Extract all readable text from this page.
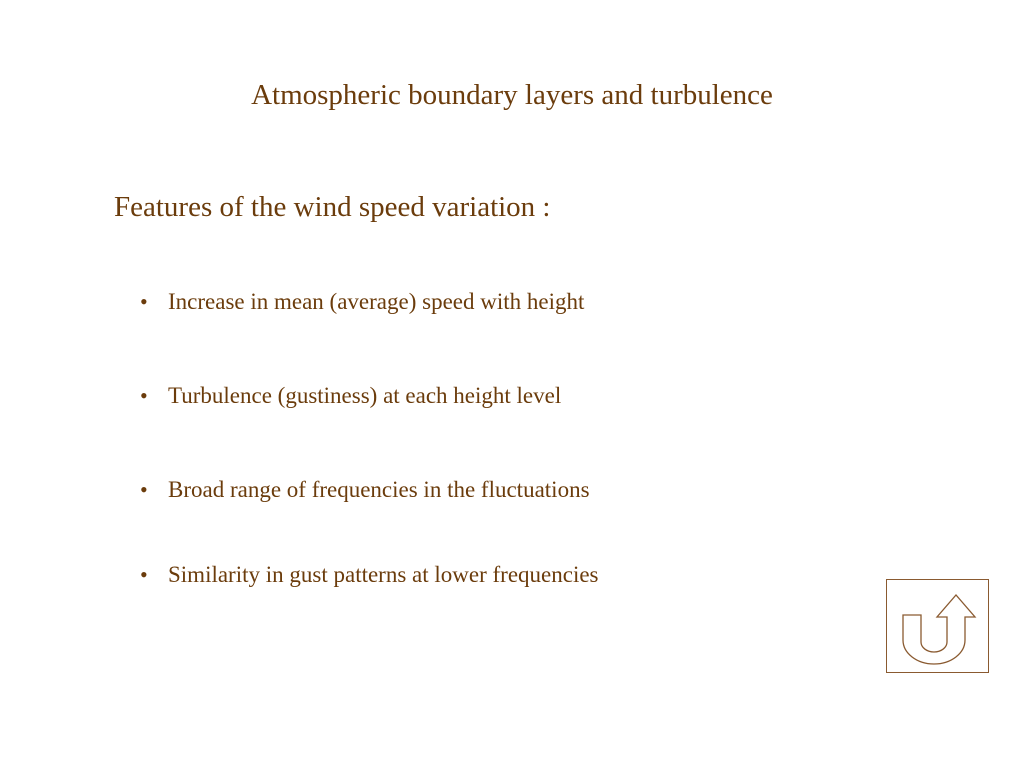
Atmospheric boundary layers and turbulence
Features of the wind speed variation :
• Increase in mean (average) speed with height
• Turbulence (gustiness) at each height level
• Broad range of frequencies in the fluctuations
• Similarity in gust patterns at lower frequencies
